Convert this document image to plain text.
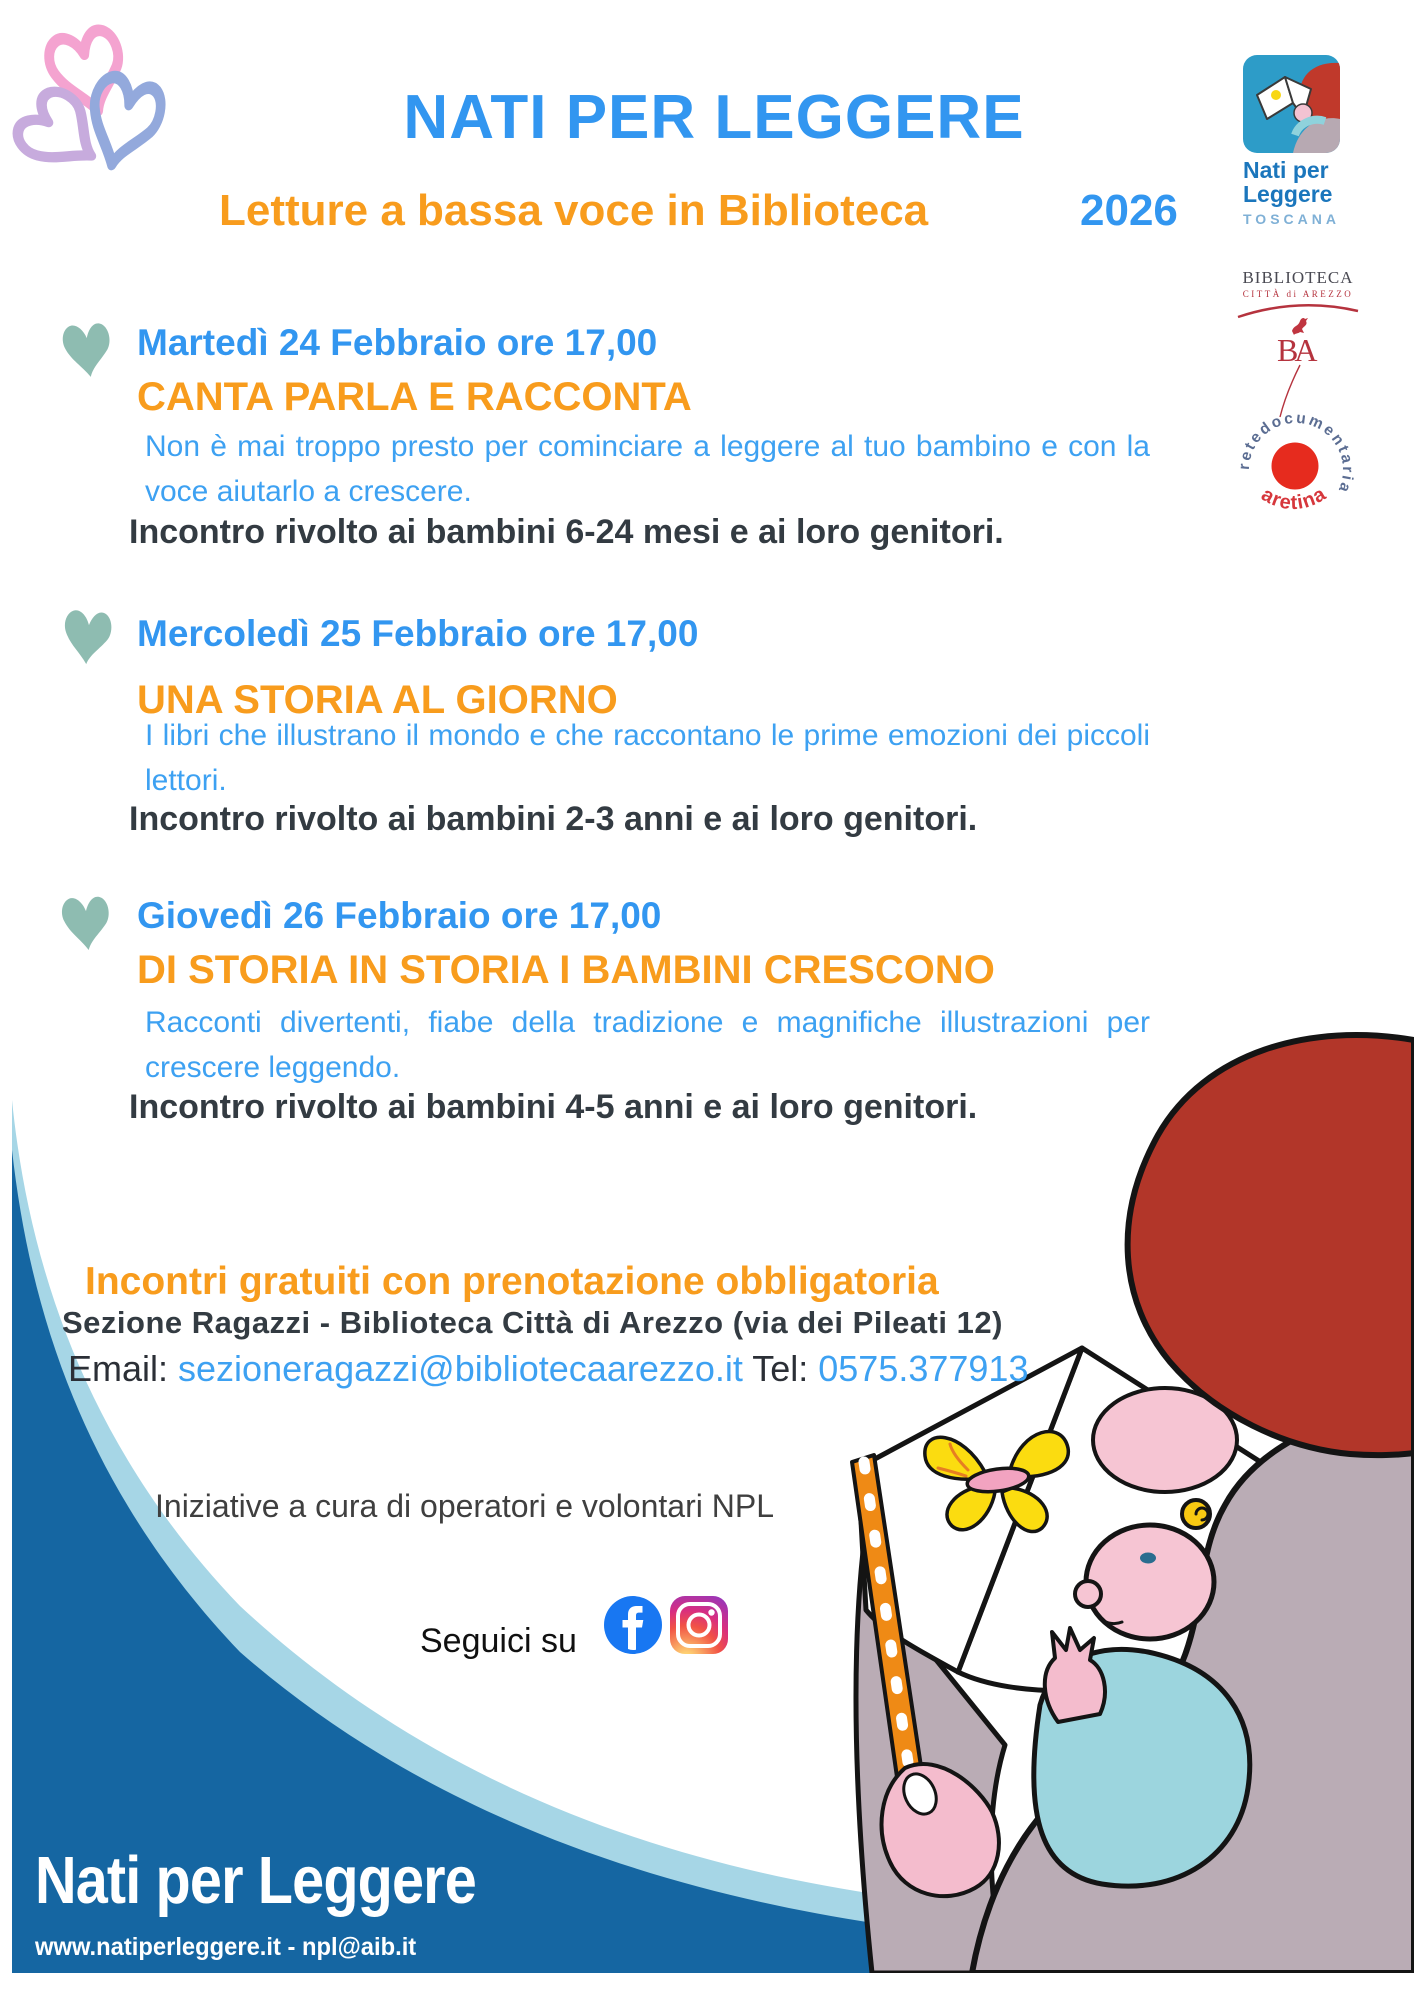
NATI PER LEGGERE
Letture a bassa voce in Biblioteca	2026
Nati per
Leggere
TOSCANA
BIBLIOTECA
CITTÀ di AREZZO
BA
retedocumentaria
aretina
Martedì 24 Febbraio ore 17,00
CANTA PARLA E RACCONTA
Non è mai troppo presto per cominciare a leggere al tuo bambino e con la voce aiutarlo a crescere.
Incontro rivolto ai bambini 6-24 mesi e ai loro genitori.
Mercoledì 25 Febbraio ore 17,00
UNA STORIA AL GIORNO
I libri che illustrano il mondo e che raccontano le prime emozioni dei piccoli lettori.
Incontro rivolto ai bambini 2-3 anni e ai loro genitori.
Giovedì 26 Febbraio ore 17,00
DI STORIA IN STORIA I BAMBINI CRESCONO
Racconti divertenti, fiabe della tradizione e magnifiche illustrazioni per crescere leggendo.
Incontro rivolto ai bambini 4-5 anni e ai loro genitori.
Incontri gratuiti con prenotazione obbligatoria
Sezione Ragazzi - Biblioteca Città di Arezzo (via dei Pileati 12)
Email: sezioneragazzi@bibliotecaarezzo.it Tel: 0575.377913
Iniziative a cura di operatori e volontari NPL
Seguici su
Nati per Leggere
www.natiperleggere.it - npl@aib.it
